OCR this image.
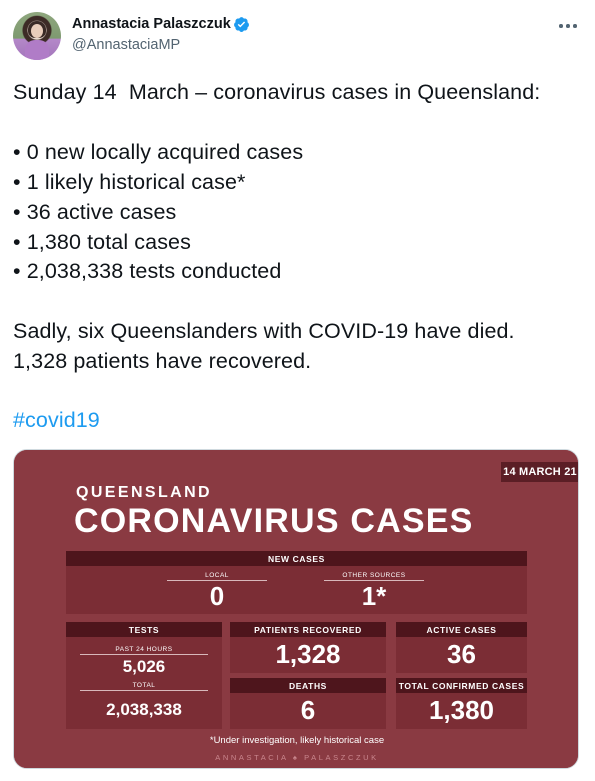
Annastacia Palaszczuk
@AnnastaciaMP
Sunday 14  March – coronavirus cases in Queensland:
• 0 new locally acquired cases
• 1 likely historical case*
• 36 active cases
• 1,380 total cases
• 2,038,338 tests conducted
Sadly, six Queenslanders with COVID-19 have died.
1,328 patients have recovered.
#covid19
14 MARCH 21
QUEENSLAND
CORONAVIRUS CASES
NEW CASES
LOCAL
0
OTHER SOURCES
1*
TESTS
PAST 24 HOURS
5,026
TOTAL
2,038,338
PATIENTS RECOVERED
1,328
ACTIVE CASES
36
DEATHS
6
TOTAL CONFIRMED CASES
1,380
*Under investigation, likely historical case
ANNASTACIA ♠ PALASZCZUK
